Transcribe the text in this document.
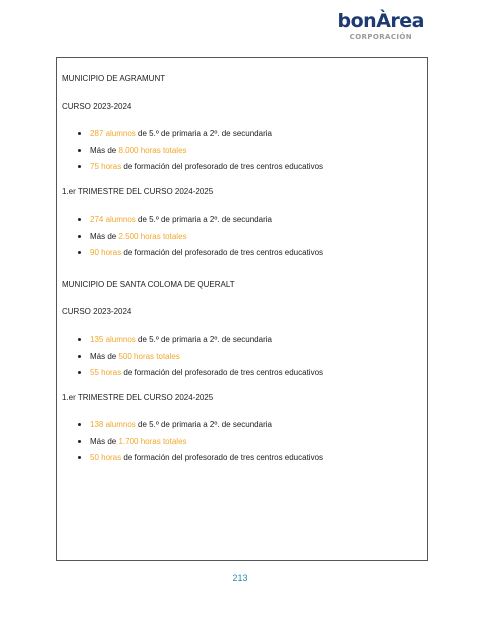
bonÀrea
CORPORACIÓN
MUNICIPIO DE AGRAMUNT
CURSO 2023-2024
287 alumnos de 5.º de primaria a 2º. de secundaria
Más de 8.000 horas totales
75 horas de formación del profesorado de tres centros educativos
1.er TRIMESTRE DEL CURSO 2024-2025
274 alumnos de 5.º de primaria a 2º. de secundaria
Más de 2.500 horas totales
90 horas de formación del profesorado de tres centros educativos
MUNICIPIO DE SANTA COLOMA DE QUERALT
CURSO 2023-2024
135 alumnos de 5.º de primaria a 2º. de secundaria
Más de 500 horas totales
55 horas de formación del profesorado de tres centros educativos
1.er TRIMESTRE DEL CURSO 2024-2025
138 alumnos de 5.º de primaria a 2º. de secundaria
Más de 1.700 horas totales
50 horas de formación del profesorado de tres centros educativos
213
